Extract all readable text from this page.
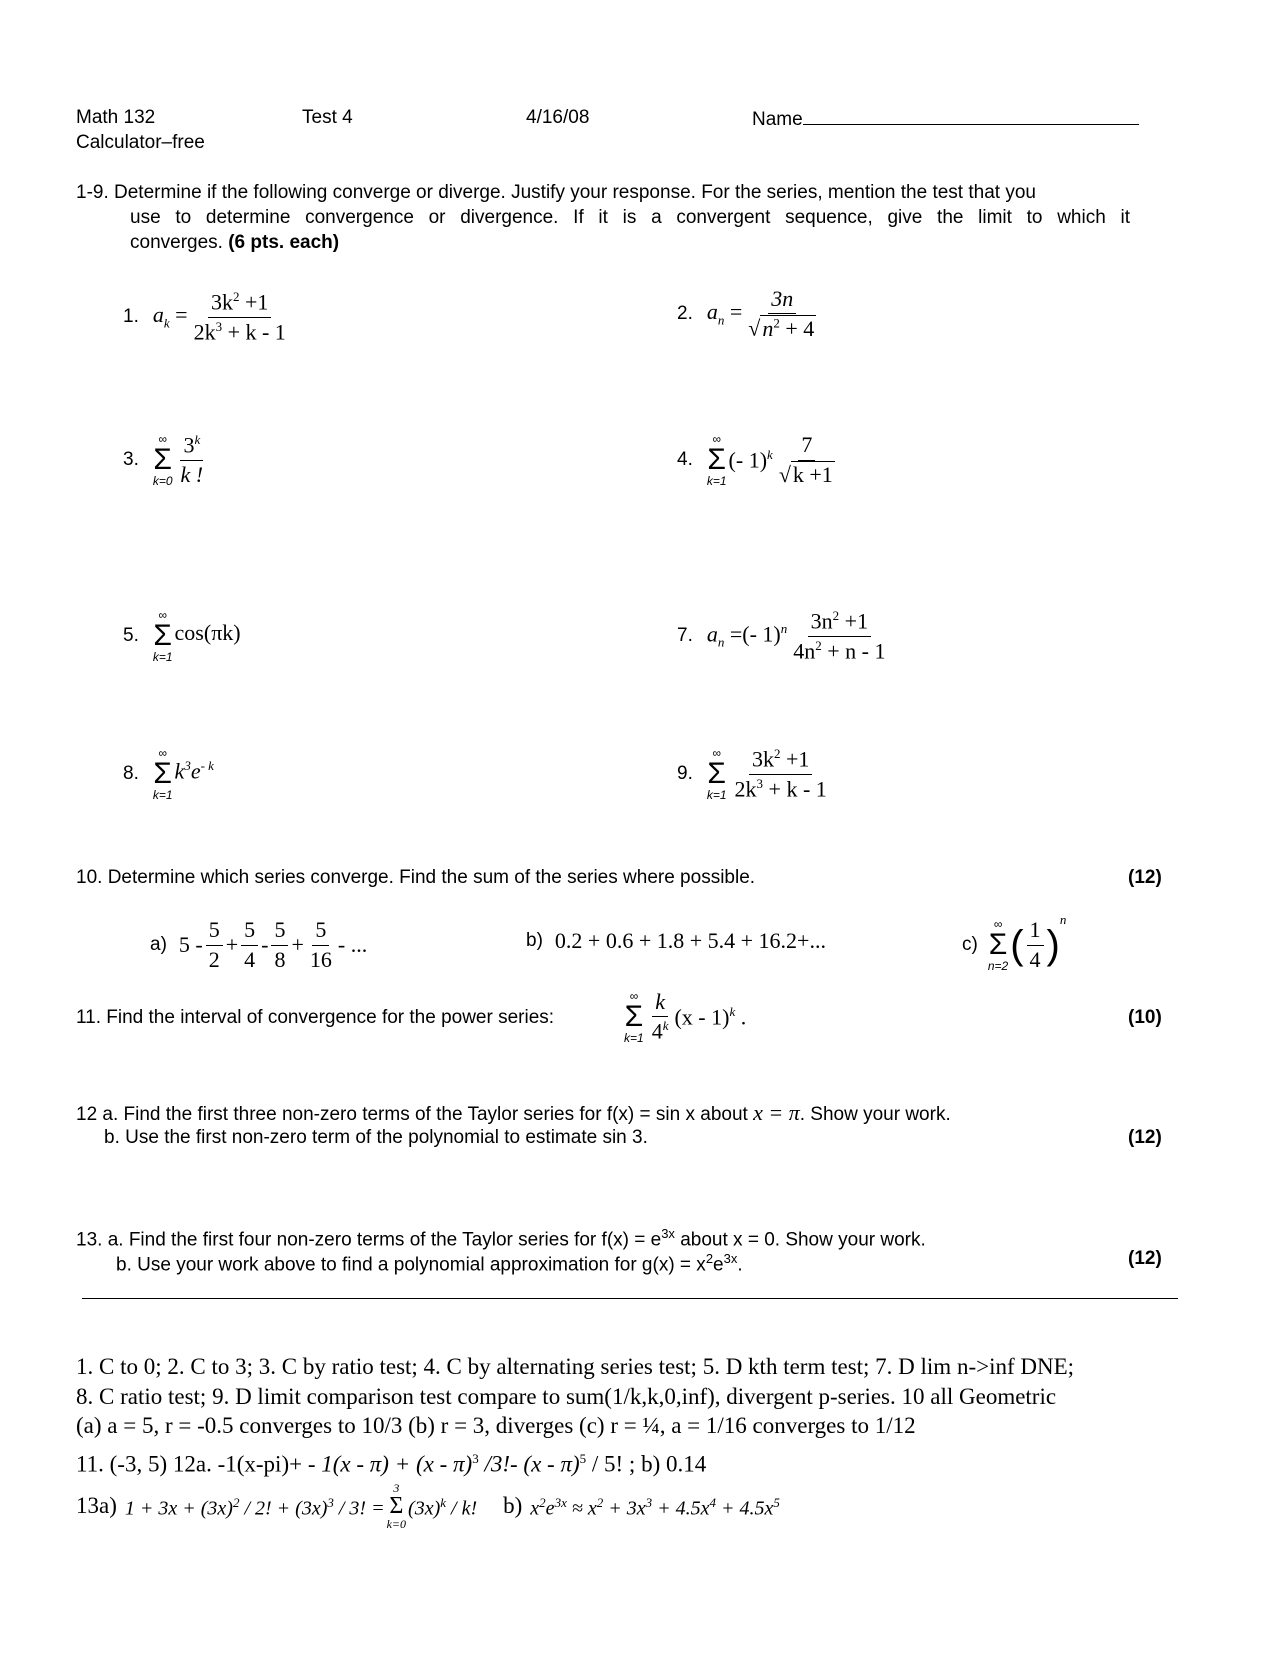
Math 132	Test 4	4/16/08	Name
Calculator–free
1-9. Determine if the following converge or diverge. Justify your response. For the series, mention the test that you
use to determine convergence or divergence. If it is a convergent sequence, give the limit to which it
converges. (6 pts. each)
1. $a_k = \frac{3k^2 +1}{2k^3 + k - 1}$	2. $a_n = \frac{3n}{√n^2 + 4}$
3.
∞
Σ
$k=0 \frac{3^k}{k !}$	4.
∞
Σ
k=1
(- $1)^k \frac{7}{√k +1}$
5.
∞
Σ
k=1
cos(πk)	7. $a_n$ =(- $1)^n \frac{3n^2 +1}{4n^2 + n - 1}$
8.
∞
Σ
k=1
$k^3e^{- k}$	9.
∞
Σ
$k=1 \frac{3k^2 +1}{2k^3 + k - 1}$
10. Determine which series converge. Find the sum of the series where possible.	(12)
a) $5 - \frac{5}{2} + \frac{5}{4} - \frac{5}{8} + \frac{5}{16}$ - ...	b) 0.2 + 0.6 + 1.8 + 5.4 + 16.2+...	c)
∞
Σ
n=2 ( $\frac{1}{4}$ )
$^n$
11. Find the interval of convergence for the power series:
∞
Σ
$k=1 \frac{k}{4^k} (x - 1)^k$ .	(10)
12 a. Find the first three non-zero terms of the Taylor series for f(x) = sin x about x = π. Show your work.
b. Use the first non-zero term of the polynomial to estimate sin 3.	(12)
13. a. Find the first four non-zero terms of the Taylor series for $f(x) = e^{3x}$ about x = 0. Show your work.
b. Use your work above to find a polynomial approximation for $g(x) = x^2e^{3x}$.	(12)
1. C to 0; 2. C to 3; 3. C by ratio test; 4. C by alternating series test; 5. D kth term test; 7. D lim n->inf DNE;
8. C ratio test; 9. D limit comparison test compare to sum(1/k,k,0,inf), divergent p-series. 10 all Geometric
(a) a = 5, r = -0.5 converges to 10/3 (b) r = 3, diverges (c) r = ¼, a = 1/16 converges to 1/12
11. (-3, 5) 12a. -1(x-pi)+ - 1(x - π) + (x - π)$^3$ /3!- (x - π)$^5$ / 5! ; b) 0.14
13a) $1 + 3x + (3x)^2 / 2$! + $(3x)^3 / 3$! =
3
Σ
k=0
$(3x)^k$ / k! b) $x^2e^{3x} \approx x^2 + 3x^3 + 4.5x^4 + 4.5x^5$
